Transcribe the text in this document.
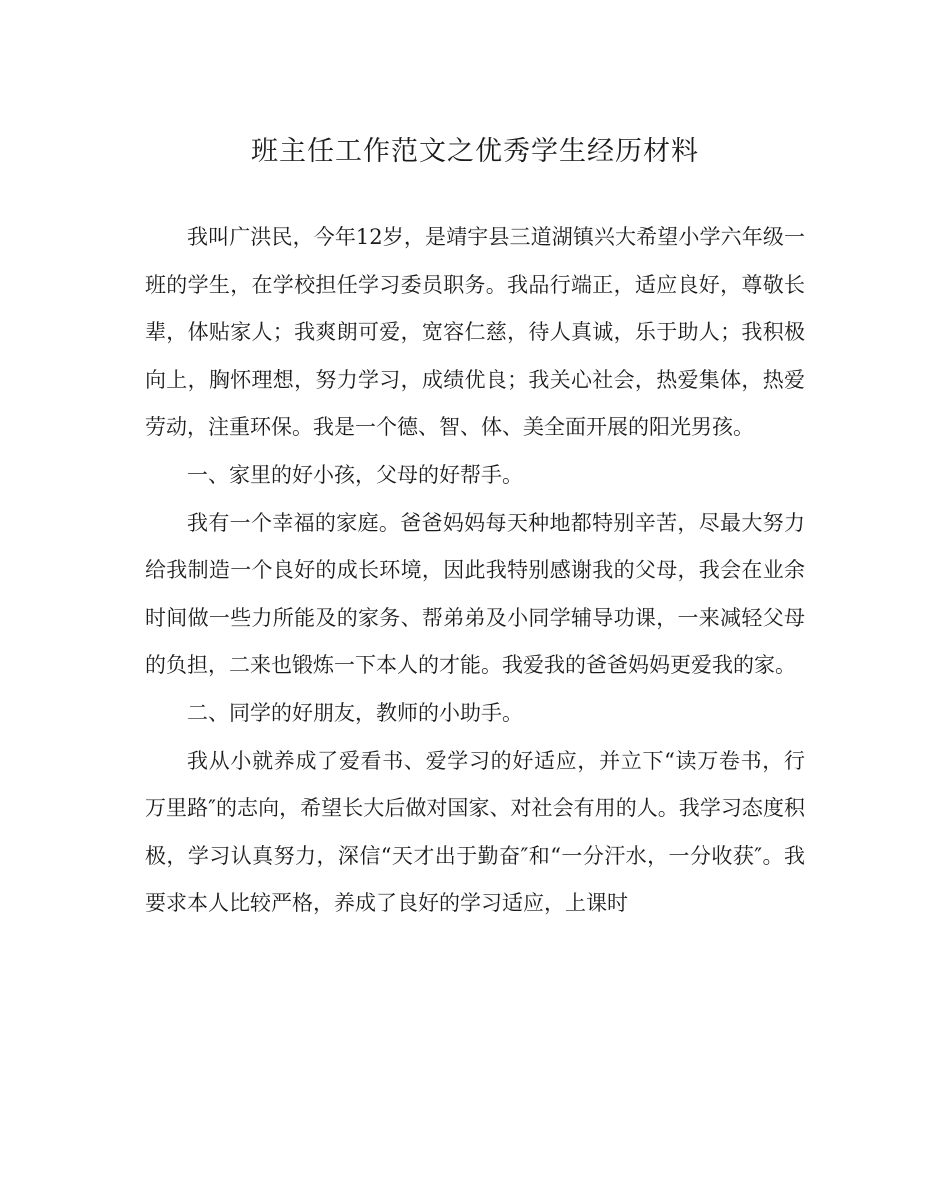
班主任工作范文之优秀学生经历材料

我叫广洪民，今年12岁，是靖宇县三道湖镇兴大希望小学六年级一班的学生，在学校担任学习委员职务。我品行端正，适应良好，尊敬长辈，体贴家人；我爽朗可爱，宽容仁慈，待人真诚，乐于助人；我积极向上，胸怀理想，努力学习，成绩优良；我关心社会，热爱集体，热爱劳动，注重环保。我是一个德、智、体、美全面开展的阳光男孩。

一、家里的好小孩，父母的好帮手。

我有一个幸福的家庭。爸爸妈妈每天种地都特别辛苦，尽最大努力给我制造一个良好的成长环境，因此我特别感谢我的父母，我会在业余时间做一些力所能及的家务、帮弟弟及小同学辅导功课，一来减轻父母的负担，二来也锻炼一下本人的才能。我爱我的爸爸妈妈更爱我的家。

二、同学的好朋友，教师的小助手。

我从小就养成了爱看书、爱学习的好适应，并立下“读万卷书，行万里路″的志向，希望长大后做对国家、对社会有用的人。我学习态度积极，学习认真努力，深信“天才出于勤奋″和“一分汗水，一分收获″。我要求本人比较严格，养成了良好的学习适应，上课时
